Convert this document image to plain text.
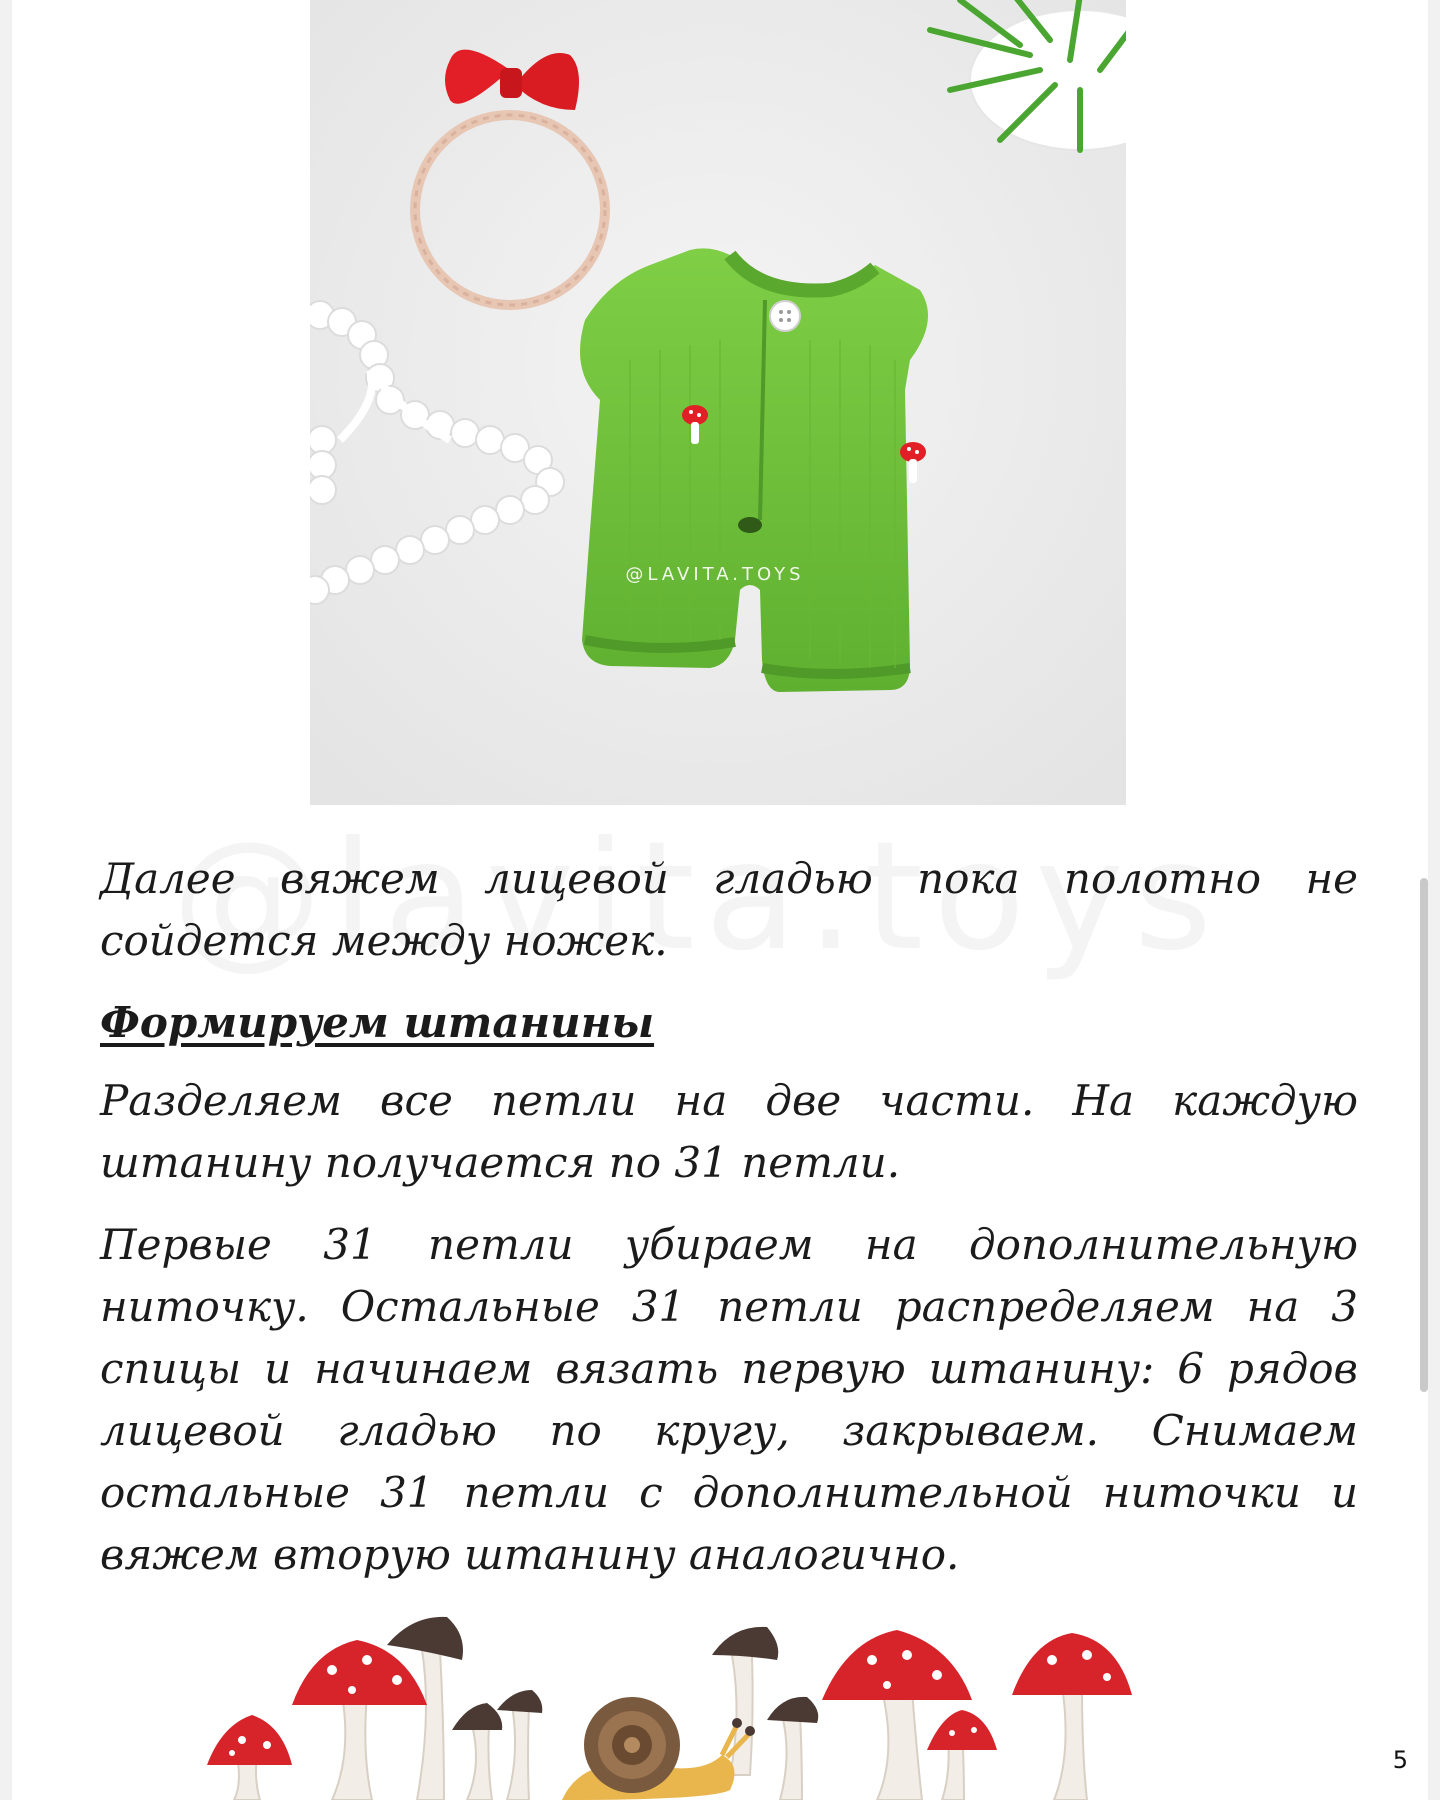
@LAVITA.TOYS

Далее вяжем лицевой гладью пока полотно не сойдется между ножек.

Формируем штанины

Разделяем все петли на две части. На каждую штанину получается по 31 петли.

Первые 31 петли убираем на дополнительную ниточку. Остальные 31 петли распределяем на 3 спицы и начинаем вязать первую штанину: 6 рядов лицевой гладью по кругу, закрываем. Снимаем остальные 31 петли с дополнительной ниточки и вяжем вторую штанину аналогично.

5
